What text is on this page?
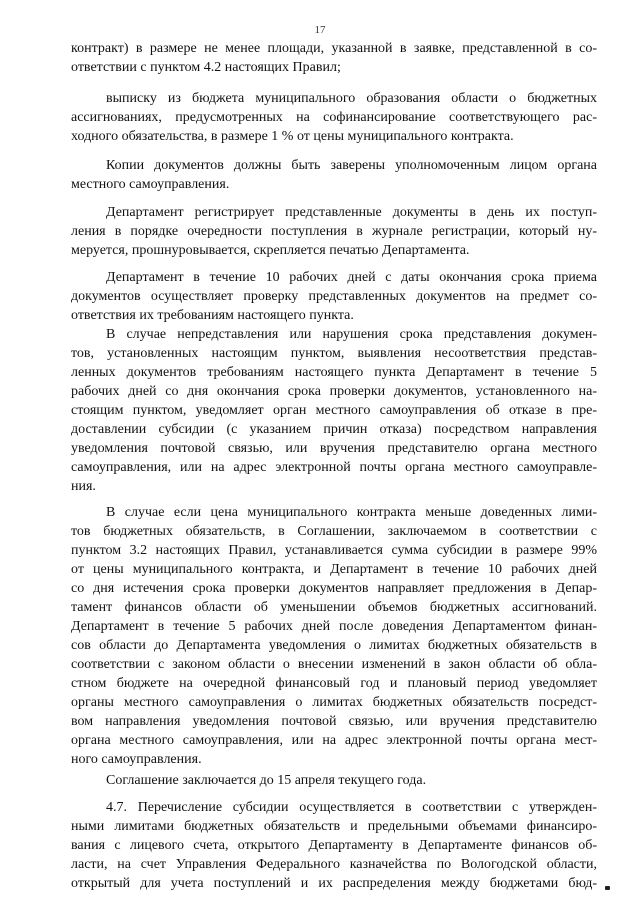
17
контракт) в размере не менее площади, указанной в заявке, представленной в со-
ответствии с пунктом 4.2 настоящих Правил;
выписку из бюджета муниципального образования области о бюджетных
ассигнованиях, предусмотренных на софинансирование соответствующего рас-
ходного обязательства, в размере 1 % от цены муниципального контракта.
Копии документов должны быть заверены уполномоченным лицом органа
местного самоуправления.
Департамент регистрирует представленные документы в день их поступ-
ления в порядке очередности поступления в журнале регистрации, который ну-
меруется, прошнуровывается, скрепляется печатью Департамента.
Департамент в течение 10 рабочих дней с даты окончания срока приема
документов осуществляет проверку представленных документов на предмет со-
ответствия их требованиям настоящего пункта.
В случае непредставления или нарушения срока представления докумен-
тов, установленных настоящим пунктом, выявления несоответствия представ-
ленных документов требованиям настоящего пункта Департамент в течение 5
рабочих дней со дня окончания срока проверки документов, установленного на-
стоящим пунктом, уведомляет орган местного самоуправления об отказе в пре-
доставлении субсидии (с указанием причин отказа) посредством направления
уведомления почтовой связью, или вручения представителю органа местного
самоуправления, или на адрес электронной почты органа местного самоуправле-
ния.
В случае если цена муниципального контракта меньше доведенных лими-
тов бюджетных обязательств, в Соглашении, заключаемом в соответствии с
пунктом 3.2 настоящих Правил, устанавливается сумма субсидии в размере 99%
от цены муниципального контракта, и Департамент в течение 10 рабочих дней
со дня истечения срока проверки документов направляет предложения в Депар-
тамент финансов области об уменьшении объемов бюджетных ассигнований.
Департамент в течение 5 рабочих дней после доведения Департаментом финан-
сов области до Департамента уведомления о лимитах бюджетных обязательств в
соответствии с законом области о внесении изменений в закон области об обла-
стном бюджете на очередной финансовый год и плановый период уведомляет
органы местного самоуправления о лимитах бюджетных обязательств посредст-
вом направления уведомления почтовой связью, или вручения представителю
органа местного самоуправления, или на адрес электронной почты органа мест-
ного самоуправления.
Соглашение заключается до 15 апреля текущего года.
4.7. Перечисление субсидии осуществляется в соответствии с утвержден-
ными лимитами бюджетных обязательств и предельными объемами финансиро-
вания с лицевого счета, открытого Департаменту в Департаменте финансов об-
ласти, на счет Управления Федерального казначейства по Вологодской области,
открытый для учета поступлений и их распределения между бюджетами бюд-
